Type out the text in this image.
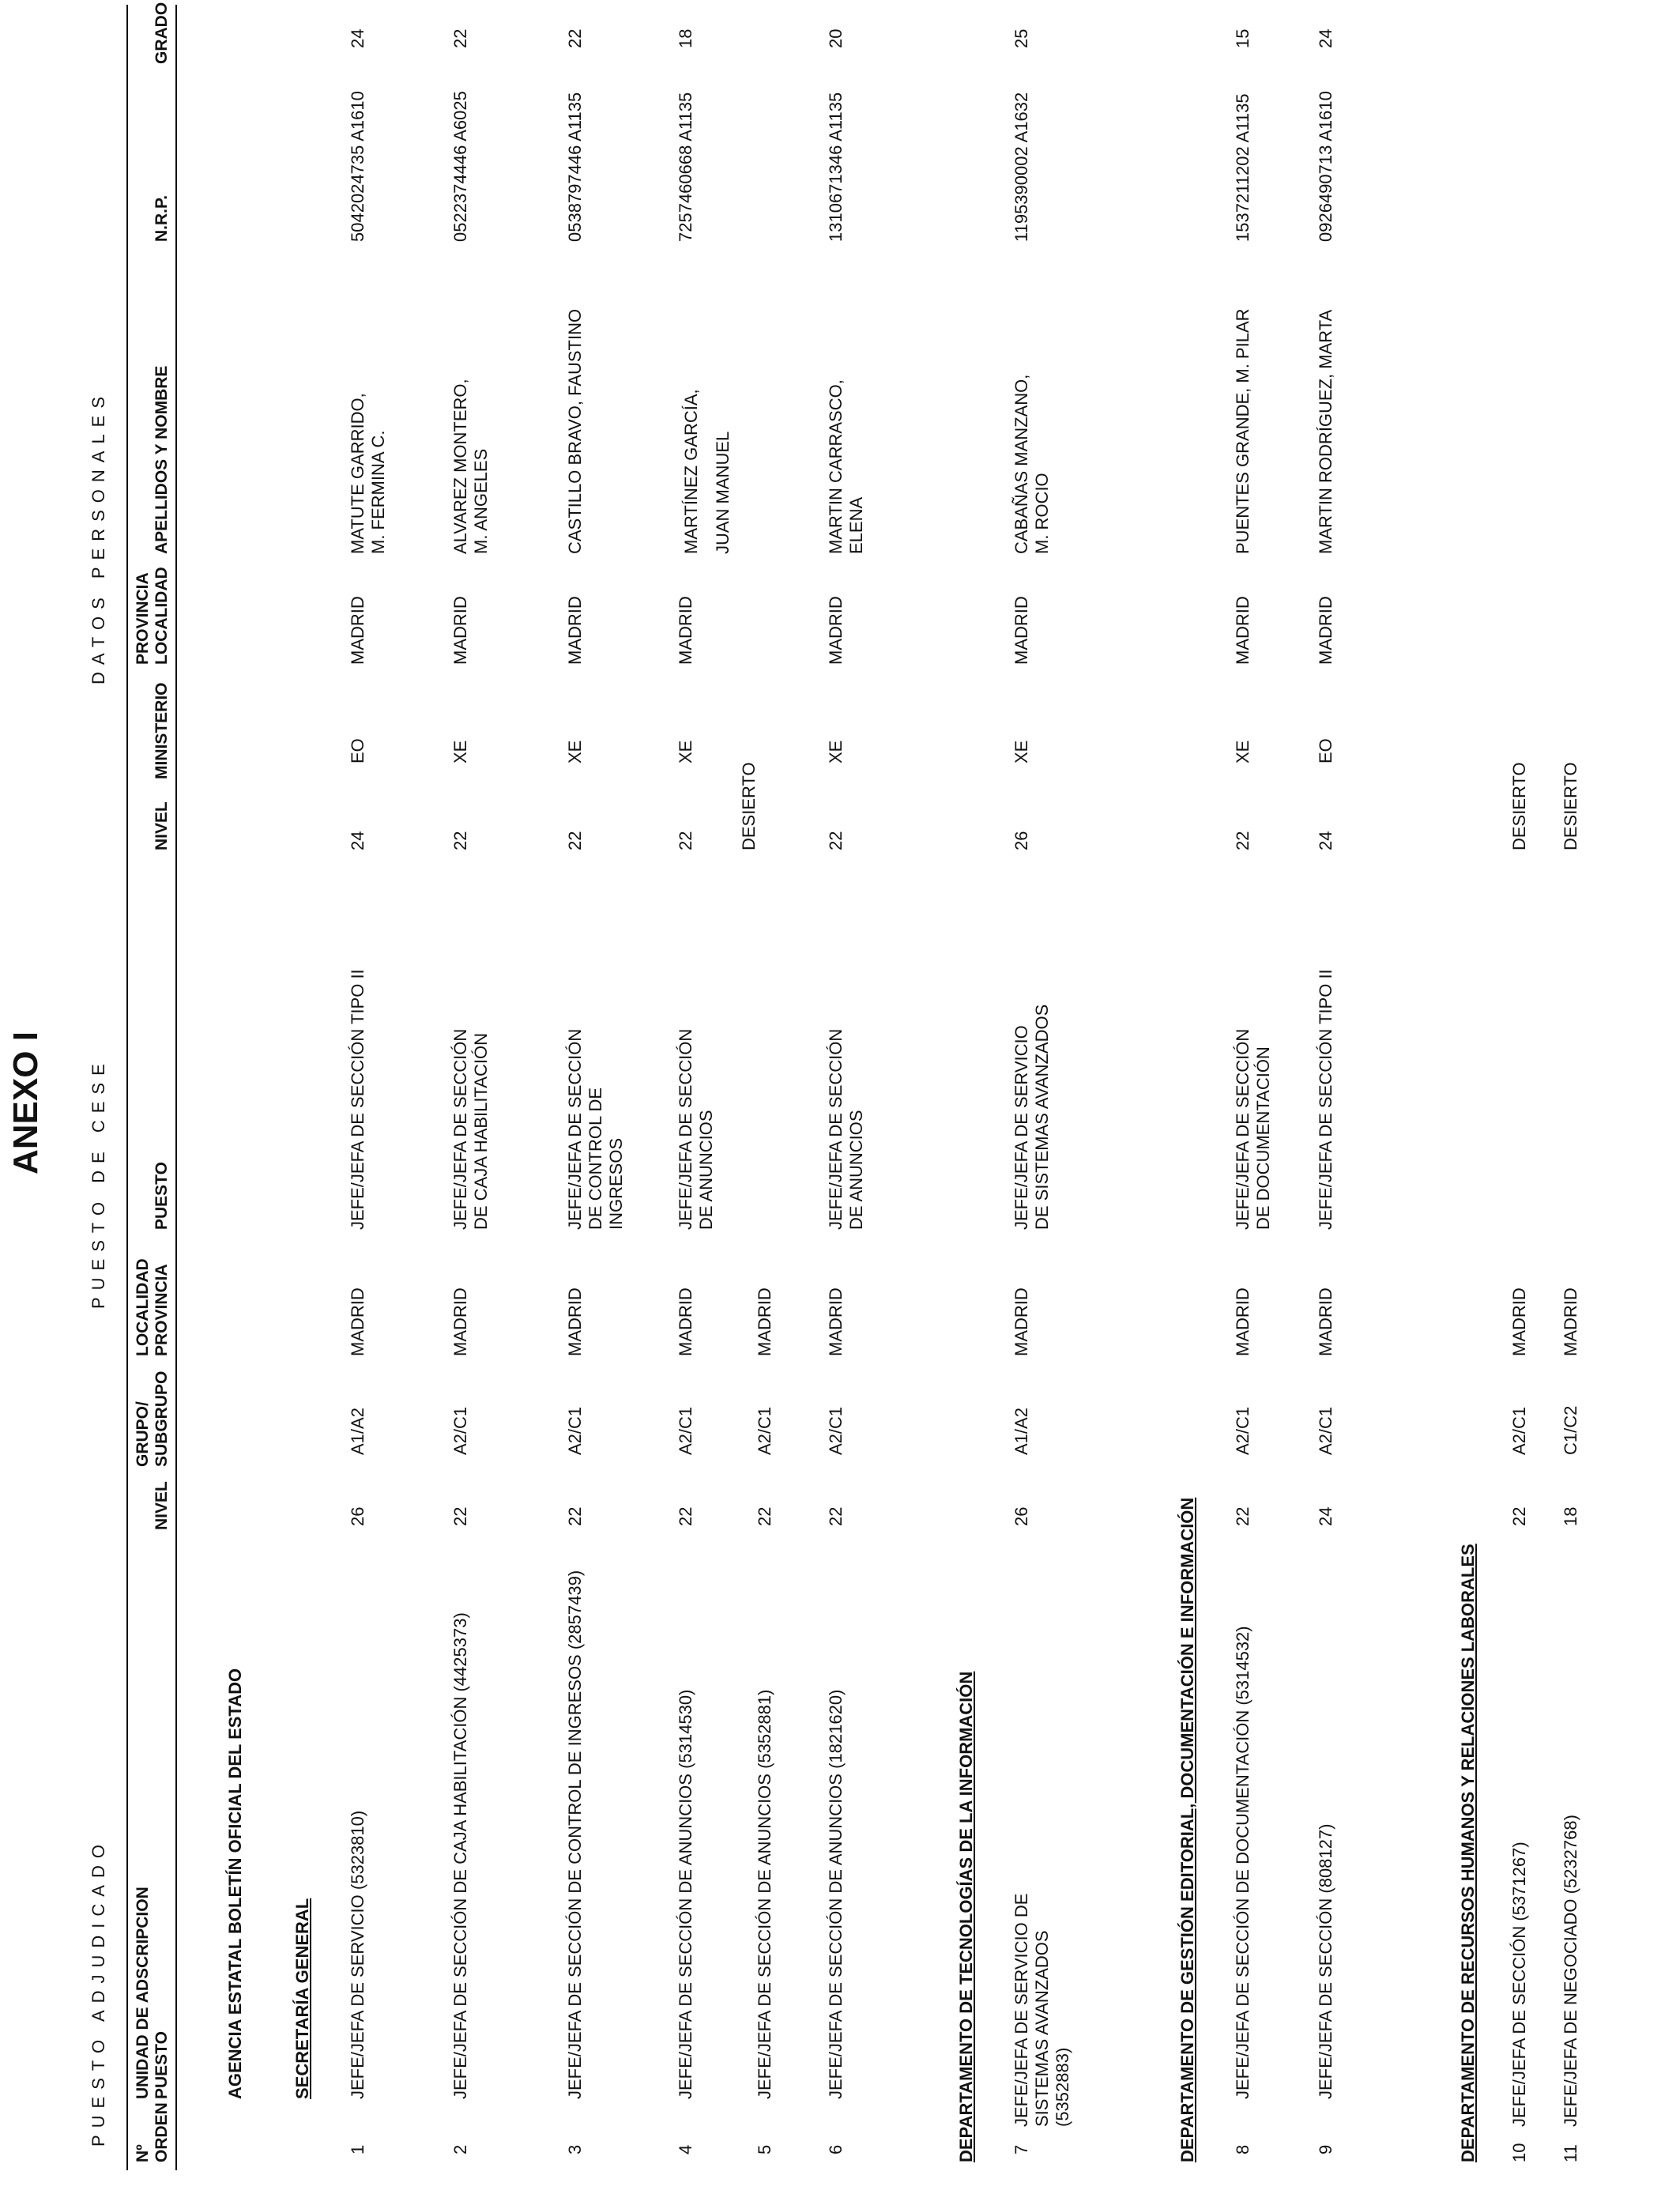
ANEXO I
PUESTO ADJUDICADO
PUESTO DE CESE
DATOS PERSONALES
Nº ORDEN
UNIDAD DE ADSCRIPCION PUESTO
NIVEL
GRUPO/ SUBGRUPO
LOCALIDAD PROVINCIA
PUESTO
NIVEL
MINISTERIO
PROVINCIA LOCALIDAD
APELLIDOS Y NOMBRE
N.R.P.
GRADO
AGENCIA ESTATAL BOLETÍN OFICIAL DEL ESTADO	SECRETARÍA GENERAL
1
JEFE/JEFA DE SERVICIO (5323810)
26
A1/A2
MADRID
JEFE/JEFA DE SECCIÓN TIPO II
24
EO
MADRID
MATUTE GARRIDO, M. FERMINA C.
5042024735 A1610
24
2
JEFE/JEFA DE SECCIÓN DE CAJA HABILITACIÓN (4425373)
22
A2/C1
MADRID
JEFE/JEFA DE SECCIÓN DE CAJA HABILITACIÓN
22
XE
MADRID
ALVAREZ MONTERO, M. ANGELES
0522374446 A6025
22
3
JEFE/JEFA DE SECCIÓN DE CONTROL DE INGRESOS (2857439)
22
A2/C1
MADRID
JEFE/JEFA DE SECCIÓN DE CONTROL DE INGRESOS
22
XE
MADRID
CASTILLO BRAVO, FAUSTINO
0538797446 A1135
22
4
JEFE/JEFA DE SECCIÓN DE ANUNCIOS (5314530)
22
A2/C1
MADRID
JEFE/JEFA DE SECCIÓN DE ANUNCIOS
22
XE
MADRID
MARTÍNEZ GARCÍA, JUAN MANUEL
7257460668 A1135
18
5
JEFE/JEFA DE SECCIÓN DE ANUNCIOS (5352881)
22
A2/C1
MADRID
DESIERTO
6
JEFE/JEFA DE SECCIÓN DE ANUNCIOS (1821620)
22
A2/C1
MADRID
JEFE/JEFA DE SECCIÓN DE ANUNCIOS
22
XE
MADRID
MARTIN CARRASCO, ELENA
1310671346 A1135
20
DEPARTAMENTO DE TECNOLOGÍAS DE LA INFORMACIÓN 7
JEFE/JEFA DE SERVICIO DE SISTEMAS AVANZADOS (5352883)
26
A1/A2
MADRID
JEFE/JEFA DE SERVICIO DE SISTEMAS AVANZADOS
26
XE
MADRID
CABAÑAS MANZANO, M. ROCIO
1195390002 A1632
25
DEPARTAMENTO DE GESTIÓN EDITORIAL, DOCUMENTACIÓN E INFORMACIÓN 8
JEFE/JEFA DE SECCIÓN DE DOCUMENTACIÓN (5314532)
22
A2/C1
MADRID
JEFE/JEFA DE SECCIÓN DE DOCUMENTACIÓN
22
XE
MADRID
PUENTES GRANDE, M. PILAR
1537211202 A1135
15
9
JEFE/JEFA DE SECCIÓN (808127)
24
A2/C1
MADRID
JEFE/JEFA DE SECCIÓN TIPO II
24
EO
MADRID
MARTIN RODRÍGUEZ, MARTA
0926490713 A1610
24
DEPARTAMENTO DE RECURSOS HUMANOS Y RELACIONES LABORALES 10
JEFE/JEFA DE SECCIÓN (5371267)
22
A2/C1
MADRID
DESIERTO
11
JEFE/JEFA DE NEGOCIADO (5232768)
18
C1/C2
MADRID
DESIERTO
